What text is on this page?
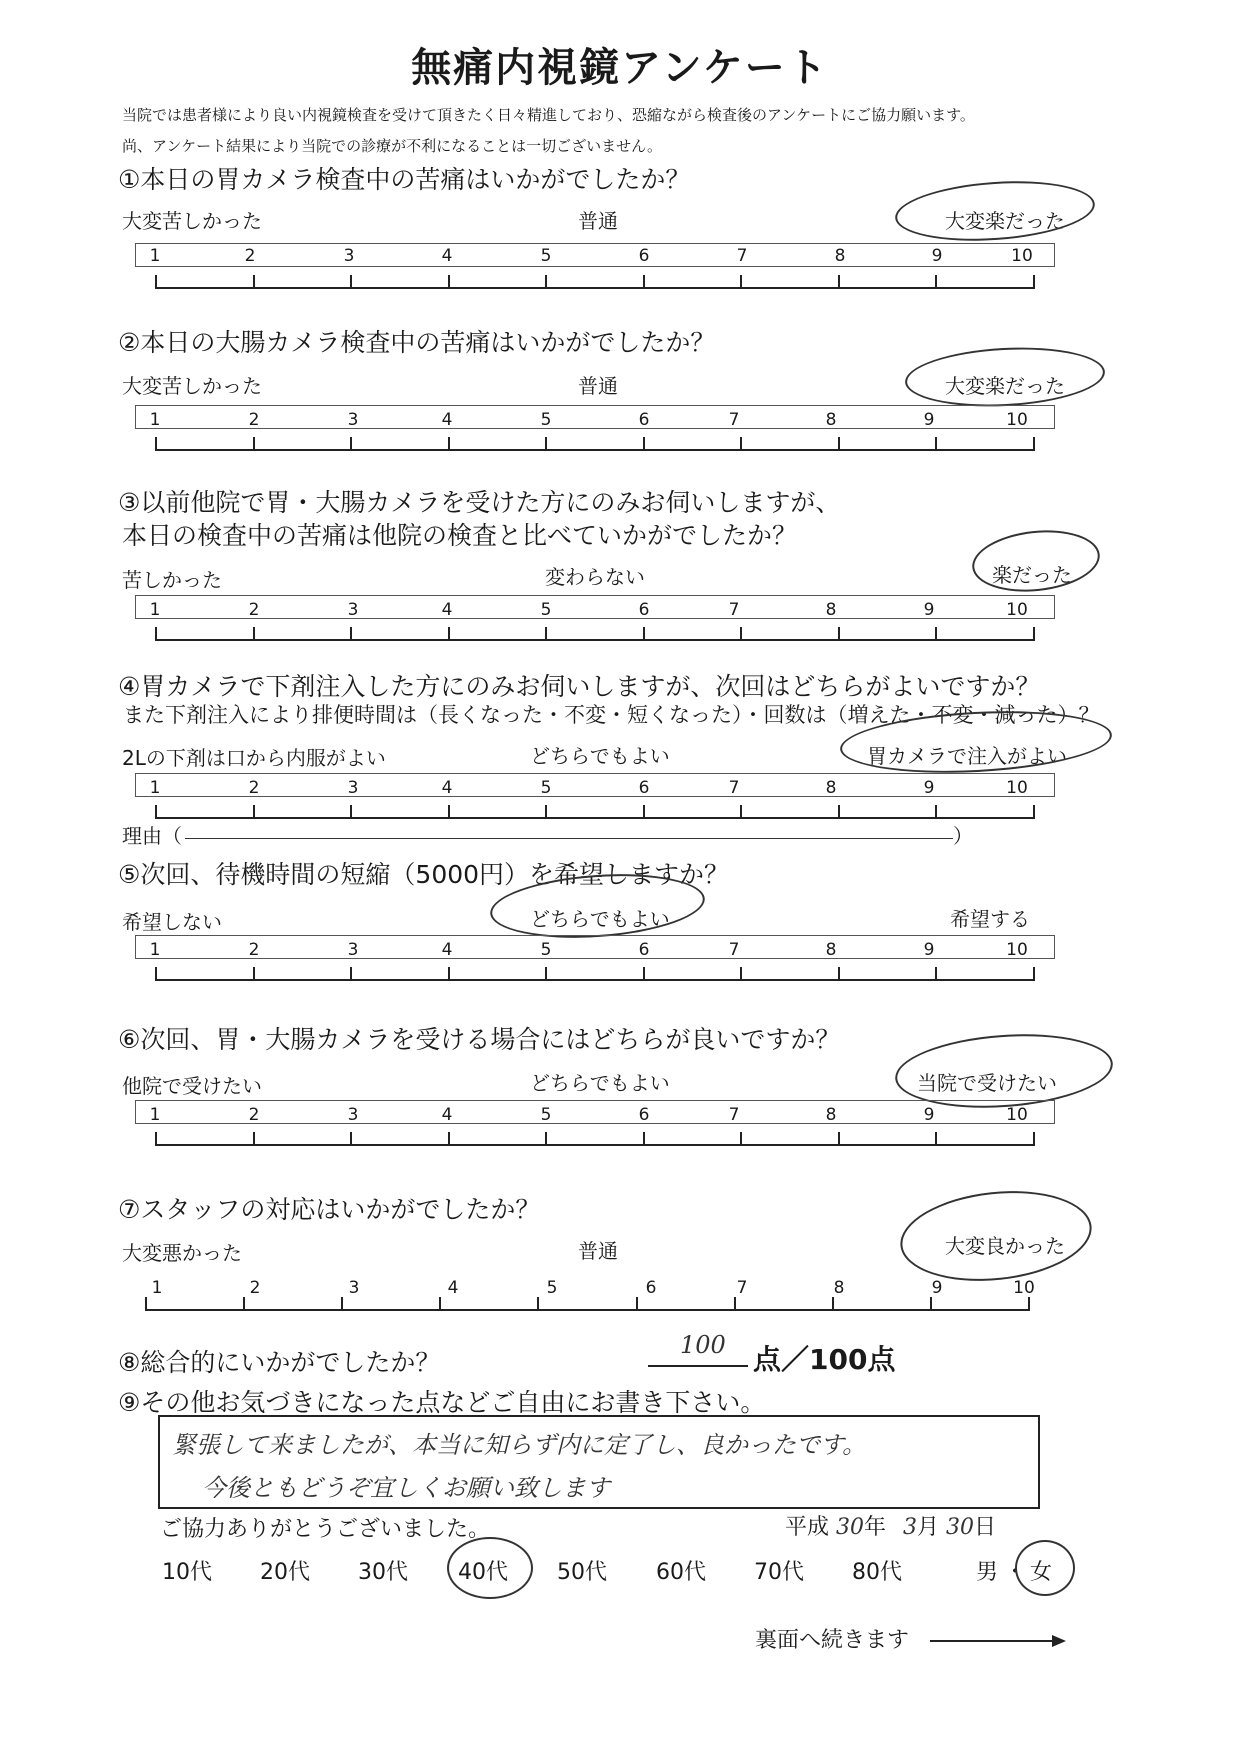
無痛内視鏡アンケート
当院では患者様により良い内視鏡検査を受けて頂きたく日々精進しており、恐縮ながら検査後のアンケートにご協力願います。
尚、アンケート結果により当院での診療が不利になることは一切ございません。
①本日の胃カメラ検査中の苦痛はいかがでしたか？
大変苦しかった	普通	大変楽だった
1	2	3	4	5	6	7	8	9	10
②本日の大腸カメラ検査中の苦痛はいかがでしたか？
大変苦しかった	普通	大変楽だった
1	2	3	4	5	6	7	8	9	10
③以前他院で胃・大腸カメラを受けた方にのみお伺いしますが、
本日の検査中の苦痛は他院の検査と比べていかがでしたか？
苦しかった	変わらない	楽だった
1	2	3	4	5	6	7	8	9	10
④胃カメラで下剤注入した方にのみお伺いしますが、次回はどちらがよいですか？
また下剤注入により排便時間は（長くなった・不変・短くなった）・回数は（増えた・不変・減った）？
2Lの下剤は口から内服がよい	どちらでもよい	胃カメラで注入がよい
1	2	3	4	5	6	7	8	9	10
理由（	）
⑤次回、待機時間の短縮（5000円）を希望しますか？
希望しない	どちらでもよい	希望する
1	2	3	4	5	6	7	8	9	10
⑥次回、胃・大腸カメラを受ける場合にはどちらが良いですか？
他院で受けたい	どちらでもよい	当院で受けたい
1	2	3	4	5	6	7	8	9	10
⑦スタッフの対応はいかがでしたか？
大変悪かった	普通	大変良かった
1	2	3	4	5	6	7	8	9	10
⑧総合的にいかがでしたか？
100 点／100点
⑨その他お気づきになった点などご自由にお書き下さい。
緊張して来ましたが、本当に知らず内に定了し、良かったです。
今後ともどうぞ宜しくお願い致します
ご協力ありがとうございました。	平成 30年 3月 30日
10代 20代 30代 40代 50代 60代 70代 80代	男 ・ 女
裏面へ続きます
